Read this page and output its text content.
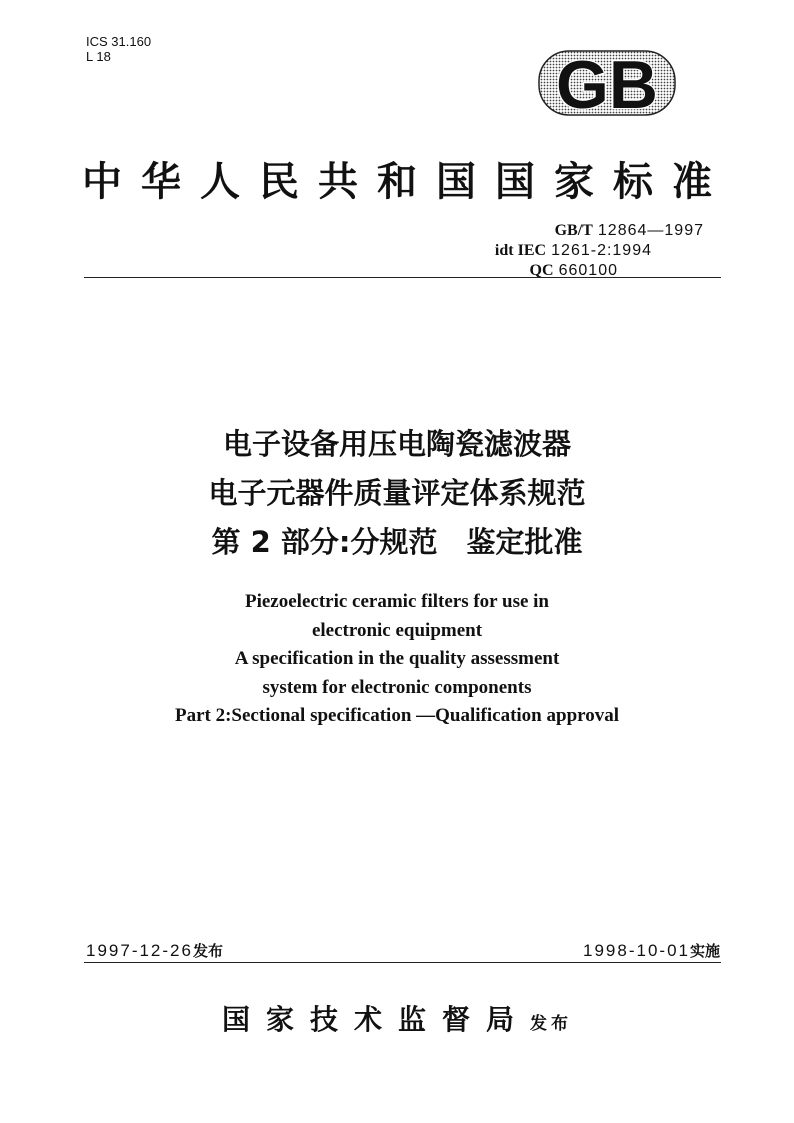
ICS 31.160
L 18	GB
中华人民共和国国家标准
GB/T 12864—1997
idt IEC 1261-2:1994
QC 660100
电子设备用压电陶瓷滤波器
电子元器件质量评定体系规范
第 2 部分:分规范　鉴定批准
Piezoelectric ceramic filters for use in
electronic equipment
A specification in the quality assessment
system for electronic components
Part 2:Sectional specification —Qualification approval
1997-12-26发布	1998-10-01实施
国家技术监督局发布
